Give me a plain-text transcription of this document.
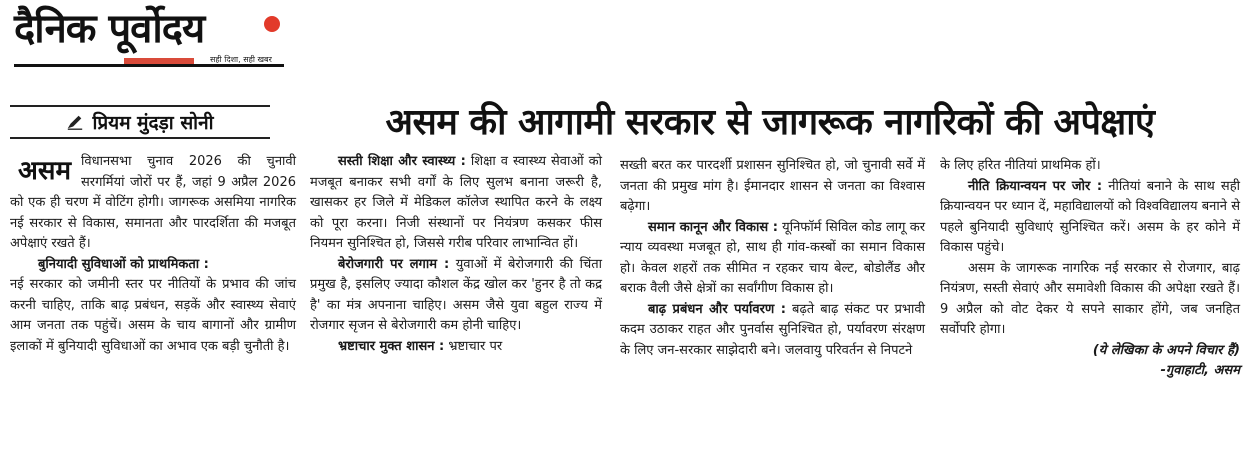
दैनिक पूर्वोदय
सही दिशा, सही खबर
प्रियम मुंदड़ा सोनी	असम की आगामी सरकार से जागरूक नागरिकों की अपेक्षाएं

असम विधानसभा चुनाव 2026 की चुनावी सरगर्मियां जोरों पर हैं, जहां 9 अप्रैल 2026 को एक ही चरण में वोटिंग होगी। जागरूक असमिया नागरिक नई सरकार से विकास, समानता और पारदर्शिता की मजबूत अपेक्षाएं रखते हैं।

बुनियादी सुविधाओं को प्राथमिकता :

नई सरकार को जमीनी स्तर पर नीतियों के प्रभाव की जांच करनी चाहिए, ताकि बाढ़ प्रबंधन, सड़कें और स्वास्थ्य सेवाएं आम जनता तक पहुंचें। असम के चाय बागानों और ग्रामीण इलाकों में बुनियादी सुविधाओं का अभाव एक बड़ी चुनौती है।

सस्ती शिक्षा और स्वास्थ्य : शिक्षा व स्वास्थ्य सेवाओं को मजबूत बनाकर सभी वर्गों के लिए सुलभ बनाना जरूरी है, खासकर हर जिले में मेडिकल कॉलेज स्थापित करने के लक्ष्य को पूरा करना। निजी संस्थानों पर नियंत्रण कसकर फीस नियमन सुनिश्चित हो, जिससे गरीब परिवार लाभान्वित हों।

बेरोजगारी पर लगाम : युवाओं में बेरोजगारी की चिंता प्रमुख है, इसलिए ज्यादा कौशल केंद्र खोल कर 'हुनर है तो कद्र है' का मंत्र अपनाना चाहिए। असम जैसे युवा बहुल राज्य में रोजगार सृजन से बेरोजगारी कम होनी चाहिए।

भ्रष्टाचार मुक्त शासन : भ्रष्टाचार पर

सख्ती बरत कर पारदर्शी प्रशासन सुनिश्चित हो, जो चुनावी सर्वे में जनता की प्रमुख मांग है। ईमानदार शासन से जनता का विश्वास बढ़ेगा।

समान कानून और विकास : यूनिफॉर्म सिविल कोड लागू कर न्याय व्यवस्था मजबूत हो, साथ ही गांव-कस्बों का समान विकास हो। केवल शहरों तक सीमित न रहकर चाय बेल्ट, बोडोलैंड और बराक वैली जैसे क्षेत्रों का सर्वांगीण विकास हो।

बाढ़ प्रबंधन और पर्यावरण : बढ़ते बाढ़ संकट पर प्रभावी कदम उठाकर राहत और पुनर्वास सुनिश्चित हो, पर्यावरण संरक्षण के लिए जन-सरकार साझेदारी बने। जलवायु परिवर्तन से निपटने

के लिए हरित नीतियां प्राथमिक हों।

नीति क्रियान्वयन पर जोर : नीतियां बनाने के साथ सही क्रियान्वयन पर ध्यान दें, महाविद्यालयों को विश्वविद्यालय बनाने से पहले बुनियादी सुविधाएं सुनिश्चित करें। असम के हर कोने में विकास पहुंचे।

असम के जागरूक नागरिक नई सरकार से रोजगार, बाढ़ नियंत्रण, सस्ती सेवाएं और समावेशी विकास की अपेक्षा रखते हैं। 9 अप्रैल को वोट देकर ये सपने साकार होंगे, जब जनहित सर्वोपरि होगा।

(ये लेखिका के अपने विचार हैं)
-गुवाहाटी, असम
